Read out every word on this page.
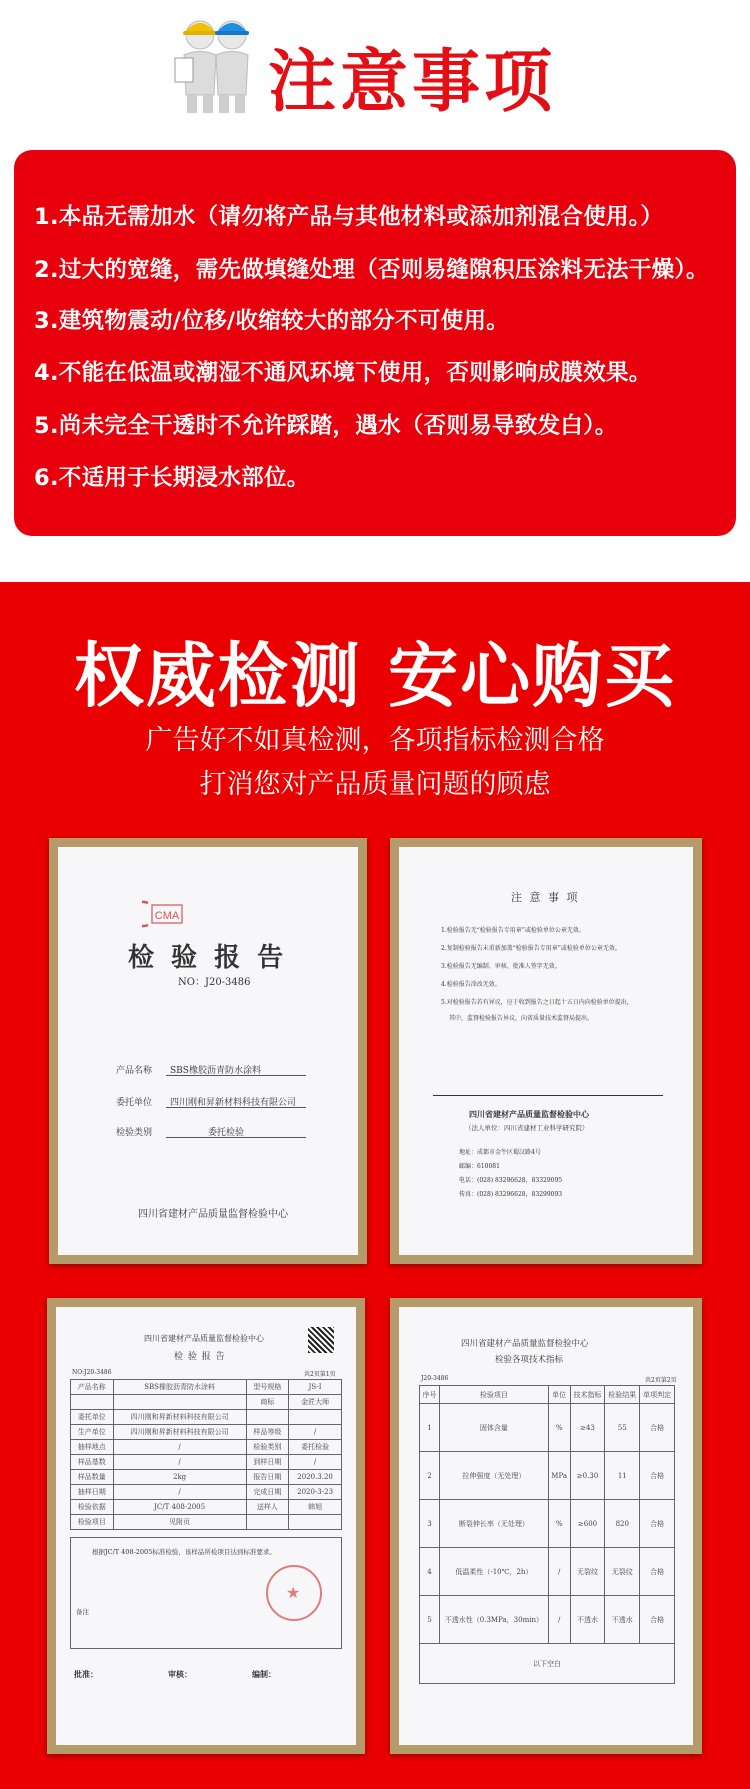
注意事项
1.本品无需加水（请勿将产品与其他材料或添加剂混合使用。）
2.过大的宽缝，需先做填缝处理（否则易缝隙积压涂料无法干燥）。
3.建筑物震动/位移/收缩较大的部分不可使用。
4.不能在低温或潮湿不通风环境下使用，否则影响成膜效果。
5.尚未完全干透时不允许踩踏，遇水（否则易导致发白）。
6.不适用于长期浸水部位。
权威检测 安心购买
广告好不如真检测，各项指标检测合格
打消您对产品质量问题的顾虑
CMA
检 验 报 告
NO：J20-3486
产品名称 SBS橡胶沥青防水涂料
委托单位 四川刚和昇新材料科技有限公司
检验类别	委托检验
四川省建材产品质量监督检验中心
注 意 事 项
1.检验报告无“检验报告专用章”或检验单位公章无效。
2.复制检验报告未重新加盖“检验报告专用章”或检验单位公章无效。
3.检验报告无编制、审核、批准人签字无效。
4.检验报告涂改无效。
5.对检验报告若有异议，应于收到报告之日起十五日内向检验单位提出，
其中，监督检验报告异议，向省质量技术监督局提出。
四川省建材产品质量监督检验中心
（法人单位：四川省建材工业科学研究院）
地址：成都市金牛区蜀汉路4号
邮编：610081
电话：(028) 83296628，83329095
传真：(028) 83296628，83299093
四川省建材产品质量监督检验中心
检 验 报 告
NO:J20-3486	共2页第1页
产品名称	SBS橡胶沥青防水涂料	型号规格	JS-I
		商标	金匠大师
委托单位	四川刚和昇新材料科技有限公司		
生产单位	四川刚和昇新材料科技有限公司	样品等级	/
抽样地点	/	检验类别	委托检验
样品基数	/	到样日期	/
样品数量	2kg	报告日期	2020.3.20
抽样日期	/	完成日期	2020-3-23
检验依据	JC/T 408-2005	送样人	韩旭
检验项目	见附页		
根据JC/T 408-2005标准检验，该样品所检项目达到标准要求。
★
备注
批准：	审核：	编制：
四川省建材产品质量监督检验中心
检验各项技术指标
J20-3486	共2页第2页
序号	检验项目	单位	技术指标	检验结果	单项判定
1	固体含量	%	≥43	55	合格
2	拉伸强度（无处理）	MPa	≥0.30	11	合格
3	断裂伸长率（无处理）	%	≥600	820	合格
4	低温柔性（-10℃，2h）	/	无裂纹	无裂纹	合格
5	不透水性（0.3MPa，30min）	/	不透水	不透水	合格
以下空白					
